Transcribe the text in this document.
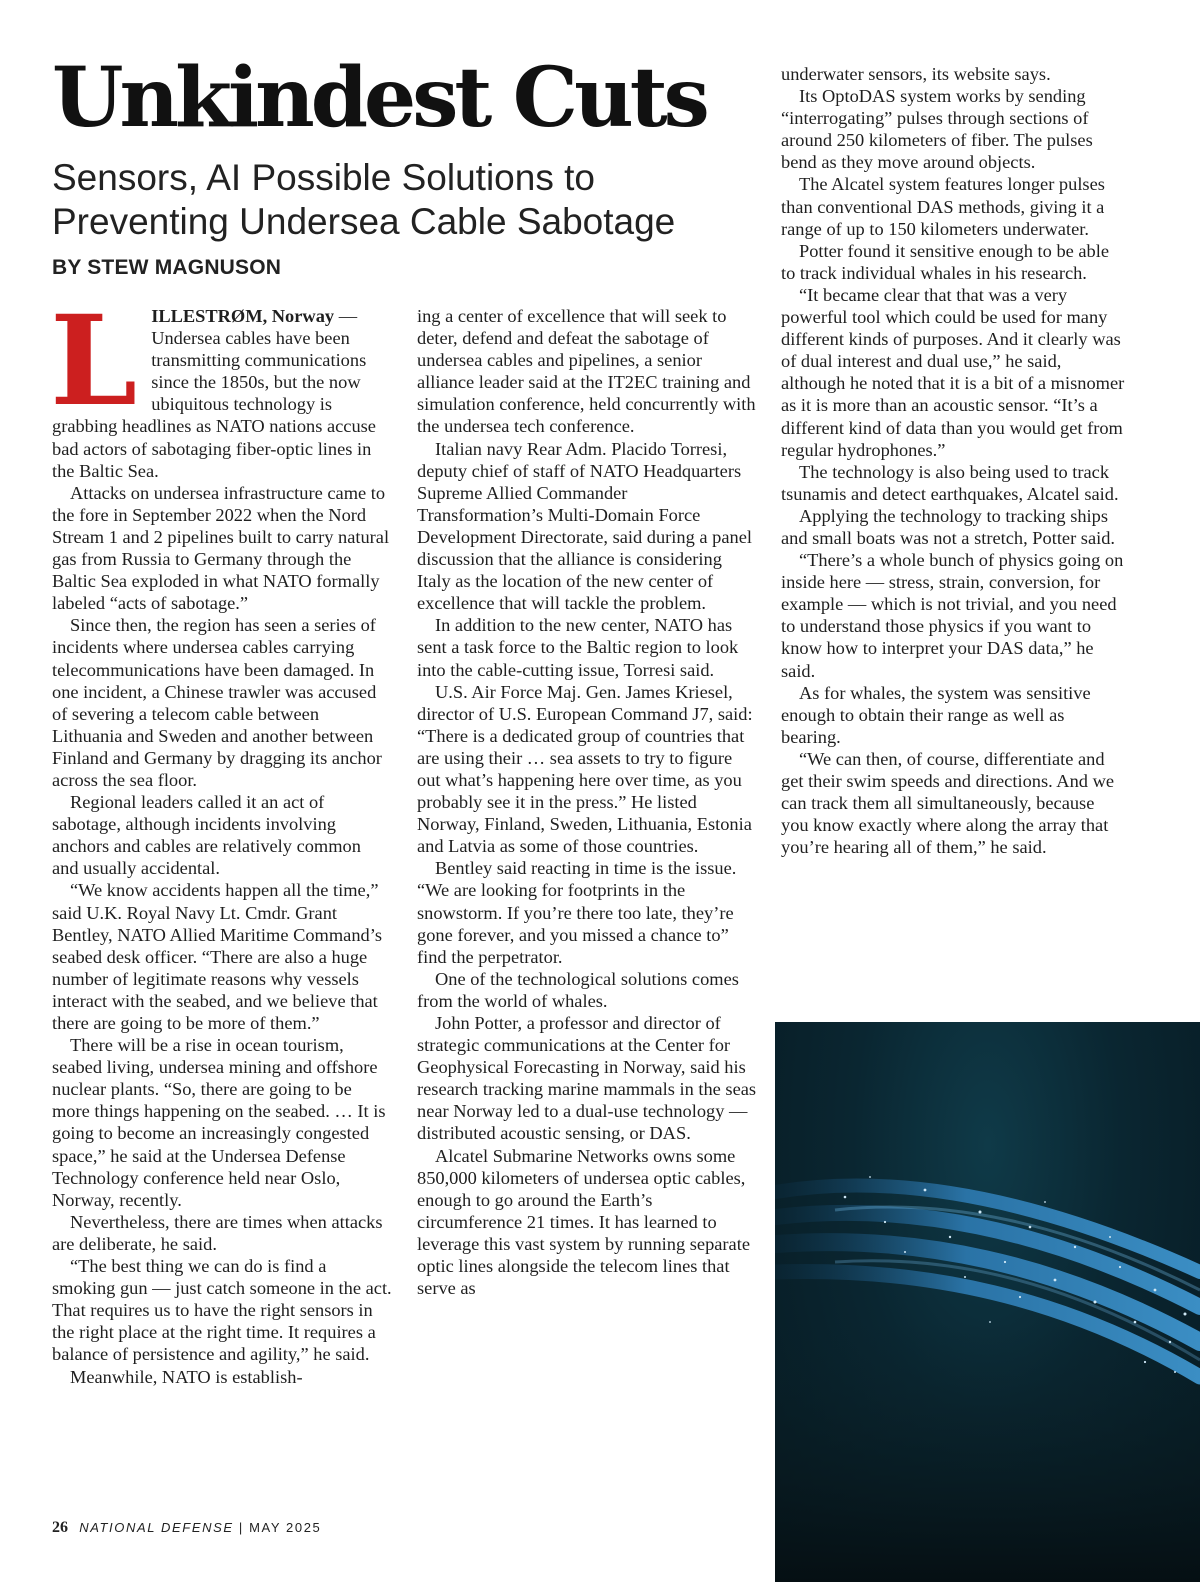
Unkindest Cuts
Sensors, AI Possible Solutions to Preventing Undersea Cable Sabotage
BY STEW MAGNUSON

LILLESTRØM, Norway — Undersea cables have been transmitting communications since the 1850s, but the now ubiquitous technology is grabbing headlines as NATO nations accuse bad actors of sabotaging fiber-optic lines in the Baltic Sea.

Attacks on undersea infrastructure came to the fore in September 2022 when the Nord Stream 1 and 2 pipelines built to carry natural gas from Russia to Germany through the Baltic Sea exploded in what NATO formally labeled “acts of sabotage.”

Since then, the region has seen a series of incidents where undersea cables carrying telecommunications have been damaged. In one incident, a Chinese trawler was accused of severing a telecom cable between Lithuania and Sweden and another between Finland and Germany by dragging its anchor across the sea floor.

Regional leaders called it an act of sabotage, although incidents involving anchors and cables are relatively common and usually accidental.

“We know accidents happen all the time,” said U.K. Royal Navy Lt. Cmdr. Grant Bentley, NATO Allied Maritime Command’s seabed desk officer. “There are also a huge number of legitimate reasons why vessels interact with the seabed, and we believe that there are going to be more of them.”

There will be a rise in ocean tourism, seabed living, undersea mining and offshore nuclear plants. “So, there are going to be more things happening on the seabed. … It is going to become an increasingly congested space,” he said at the Undersea Defense Technology conference held near Oslo, Norway, recently.

Nevertheless, there are times when attacks are deliberate, he said.

“The best thing we can do is find a smoking gun — just catch someone in the act. That requires us to have the right sensors in the right place at the right time. It requires a balance of persistence and agility,” he said.

Meanwhile, NATO is establish-

ing a center of excellence that will seek to deter, defend and defeat the sabotage of undersea cables and pipelines, a senior alliance leader said at the IT2EC training and simulation conference, held concurrently with the undersea tech conference.

Italian navy Rear Adm. Placido Torresi, deputy chief of staff of NATO Headquarters Supreme Allied Commander Transformation’s Multi-Domain Force Development Directorate, said during a panel discussion that the alliance is considering Italy as the location of the new center of excellence that will tackle the problem.

In addition to the new center, NATO has sent a task force to the Baltic region to look into the cable-cutting issue, Torresi said.

U.S. Air Force Maj. Gen. James Kriesel, director of U.S. European Command J7, said: “There is a dedicated group of countries that are using their … sea assets to try to figure out what’s happening here over time, as you probably see it in the press.” He listed Norway, Finland, Sweden, Lithuania, Estonia and Latvia as some of those countries.

Bentley said reacting in time is the issue. “We are looking for footprints in the snowstorm. If you’re there too late, they’re gone forever, and you missed a chance to” find the perpetrator.

One of the technological solutions comes from the world of whales.

John Potter, a professor and director of strategic communications at the Center for Geophysical Forecasting in Norway, said his research tracking marine mammals in the seas near Norway led to a dual-use technology — distributed acoustic sensing, or DAS.

Alcatel Submarine Networks owns some 850,000 kilometers of undersea optic cables, enough to go around the Earth’s circumference 21 times. It has learned to leverage this vast system by running separate optic lines alongside the telecom lines that serve as

underwater sensors, its website says.

Its OptoDAS system works by sending “interrogating” pulses through sections of around 250 kilometers of fiber. The pulses bend as they move around objects.

The Alcatel system features longer pulses than conventional DAS methods, giving it a range of up to 150 kilometers underwater.

Potter found it sensitive enough to be able to track individual whales in his research.

“It became clear that that was a very powerful tool which could be used for many different kinds of purposes. And it clearly was of dual interest and dual use,” he said, although he noted that it is a bit of a misnomer as it is more than an acoustic sensor. “It’s a different kind of data than you would get from regular hydrophones.”

The technology is also being used to track tsunamis and detect earthquakes, Alcatel said.

Applying the technology to tracking ships and small boats was not a stretch, Potter said.

“There’s a whole bunch of physics going on inside here — stress, strain, conversion, for example — which is not trivial, and you need to understand those physics if you want to know how to interpret your DAS data,” he said.

As for whales, the system was sensitive enough to obtain their range as well as bearing.

“We can then, of course, differentiate and get their swim speeds and directions. And we can track them all simultaneously, because you know exactly where along the array that you’re hearing all of them,” he said.

26 NATIONAL DEFENSE | MAY 2025
